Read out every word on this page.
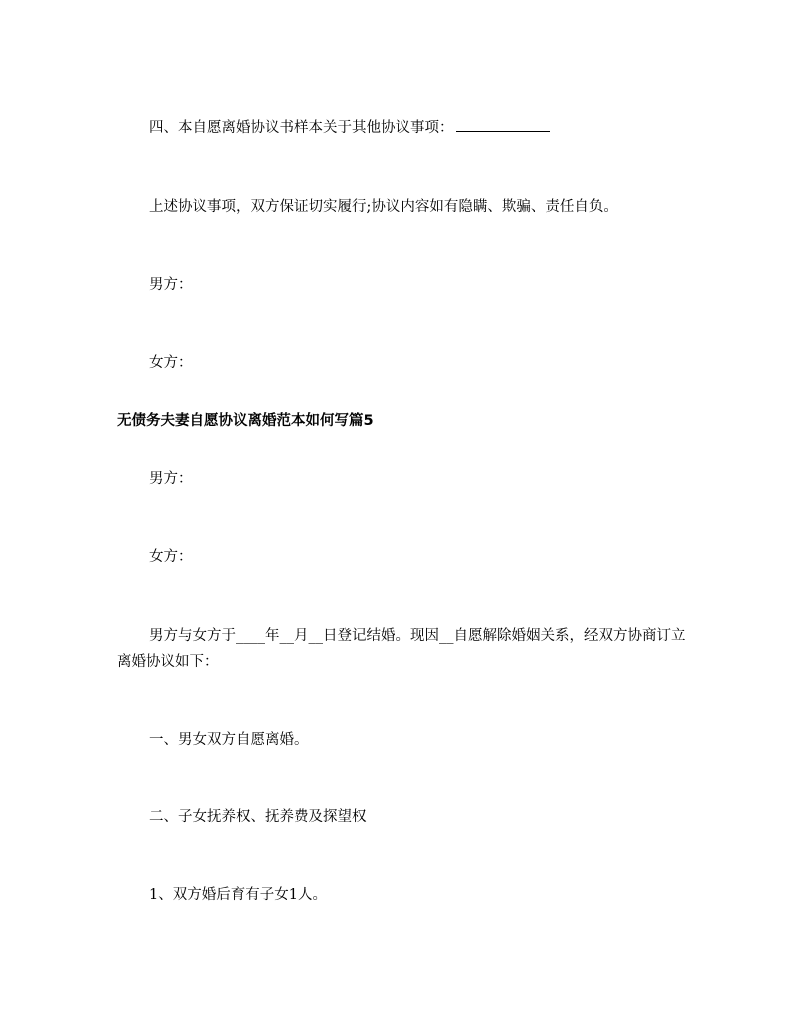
四、本自愿离婚协议书样本关于其他协议事项：
上述协议事项，双方保证切实履行;协议内容如有隐瞒、欺骗、责任自负。
男方：
女方：
无债务夫妻自愿协议离婚范本如何写篇5
男方：
女方：
男方与女方于____年__月__日登记结婚。现因__自愿解除婚姻关系，经双方协商订立离婚协议如下：
一、男女双方自愿离婚。
二、子女抚养权、抚养费及探望权
1、双方婚后育有子女1人。
